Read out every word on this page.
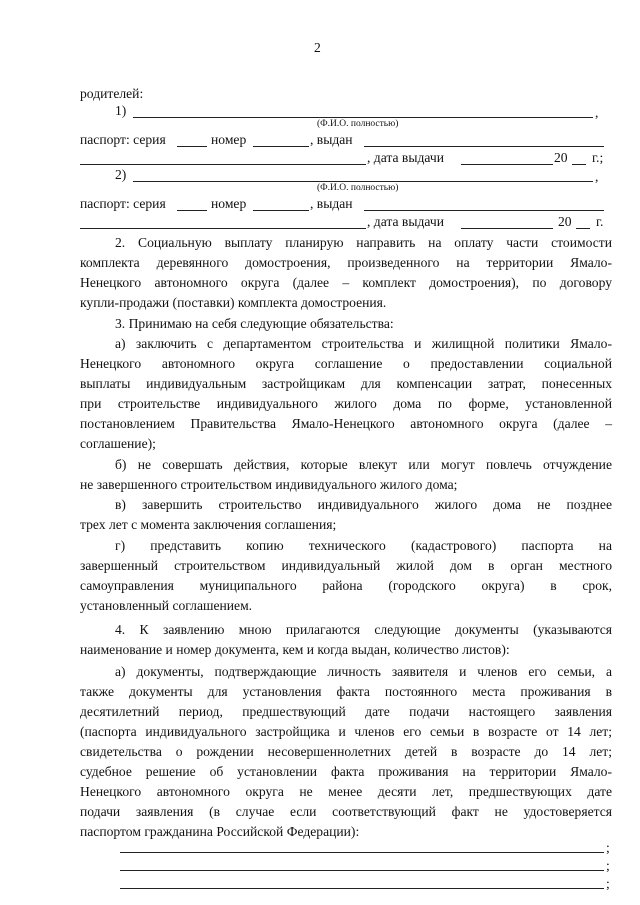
2
родителей:
1)	,
(Ф.И.О. полностью)
паспорт: серия	номер	, выдан
, дата выдачи	20 г.;
2)	,
(Ф.И.О. полностью)
паспорт: серия	номер	, выдан
, дата выдачи	20 г.
2. Социальную выплату планирую направить на оплату части стоимости
комплекта деревянного домостроения, произведенного на территории Ямало-
Ненецкого автономного округа (далее – комплект домостроения), по договору
купли-продажи (поставки) комплекта домостроения.
3. Принимаю на себя следующие обязательства:
а) заключить с департаментом строительства и жилищной политики Ямало-
Ненецкого автономного округа соглашение о предоставлении социальной
выплаты индивидуальным застройщикам для компенсации затрат, понесенных
при строительстве индивидуального жилого дома по форме, установленной
постановлением Правительства Ямало-Ненецкого автономного округа (далее –
соглашение);
б) не совершать действия, которые влекут или могут повлечь отчуждение
не завершенного строительством индивидуального жилого дома;
в) завершить строительство индивидуального жилого дома не позднее
трех лет с момента заключения соглашения;
г) представить копию технического (кадастрового) паспорта на
завершенный строительством индивидуальный жилой дом в орган местного
самоуправления муниципального района (городского округа) в срок,
установленный соглашением.
4. К заявлению мною прилагаются следующие документы (указываются
наименование и номер документа, кем и когда выдан, количество листов):
а) документы, подтверждающие личность заявителя и членов его семьи, а
также документы для установления факта постоянного места проживания в
десятилетний период, предшествующий дате подачи настоящего заявления
(паспорта индивидуального застройщика и членов его семьи в возрасте от 14 лет;
свидетельства о рождении несовершеннолетних детей в возрасте до 14 лет;
судебное решение об установлении факта проживания на территории Ямало-
Ненецкого автономного округа не менее десяти лет, предшествующих дате
подачи заявления (в случае если соответствующий факт не удостоверяется
паспортом гражданина Российской Федерации):
;
;
;
